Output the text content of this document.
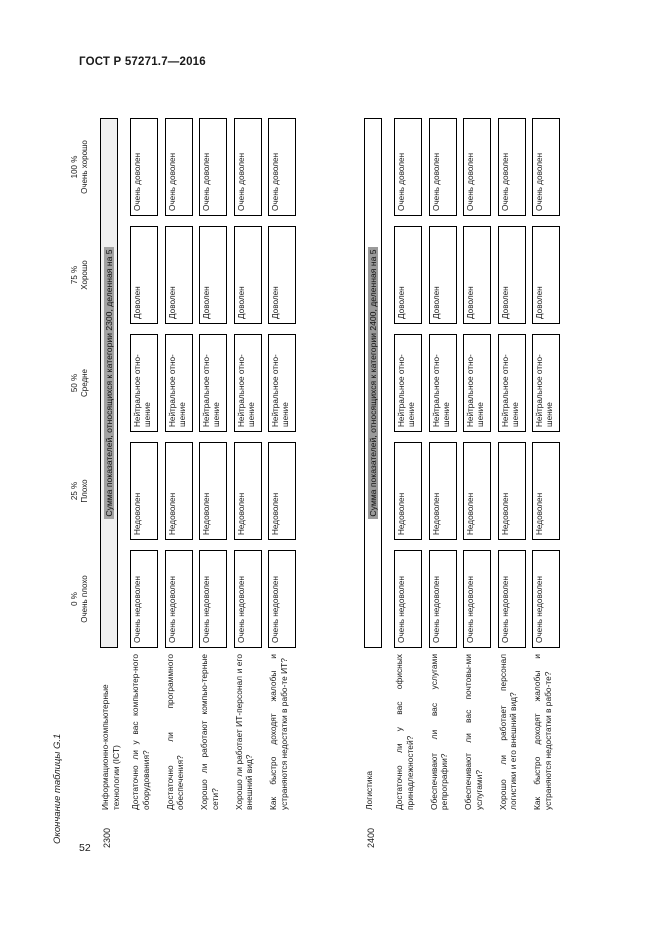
ГОСТ Р 57271.7—2016
52
Окончание таблицы G.1
0 % Очень плохо
25 % Плохо
50 % Средне
75 % Хорошо
100 % Очень хорошо
2300
Информационно-компьютерные технологии (ICT)
Сумма показателей, относящихся к категории 2300, деленная на 5
Достаточно ли у вас компьютер-ного оборудования?
Очень недоволен
Недоволен
Нейтральное отно-шение
Доволен
Очень доволен
Достаточно ли программного обеспечения?
Очень недоволен
Недоволен
Нейтральное отно-шение
Доволен
Очень доволен
Хорошо ли работают компью-терные сети?
Очень недоволен
Недоволен
Нейтральное отно-шение
Доволен
Очень доволен
Хорошо ли работает ИТ-персонал и его внешний вид?
Очень недоволен
Недоволен
Нейтральное отно-шение
Доволен
Очень доволен
Как быстро доходят жалобы и устраняются недостатки в рабо-те ИТ?
Очень недоволен
Недоволен
Нейтральное отно-шение
Доволен
Очень доволен
2400
Логистика
Сумма показателей, относящихся к категории 2400, деленная на 5
Достаточно ли у вас офисных принадлежностей?
Очень недоволен
Недоволен
Нейтральное отно-шение
Доволен
Очень доволен
Обеспечивают ли вас услугами репрографии?
Очень недоволен
Недоволен
Нейтральное отно-шение
Доволен
Очень доволен
Обеспечивают ли вас почтовы-ми услугами?
Очень недоволен
Недоволен
Нейтральное отно-шение
Доволен
Очень доволен
Хорошо ли работает персонал логистики и его внешний вид?
Очень недоволен
Недоволен
Нейтральное отно-шение
Доволен
Очень доволен
Как быстро доходят жалобы и устраняются недостатки в рабо-те?
Очень недоволен
Недоволен
Нейтральное отно-шение
Доволен
Очень доволен
